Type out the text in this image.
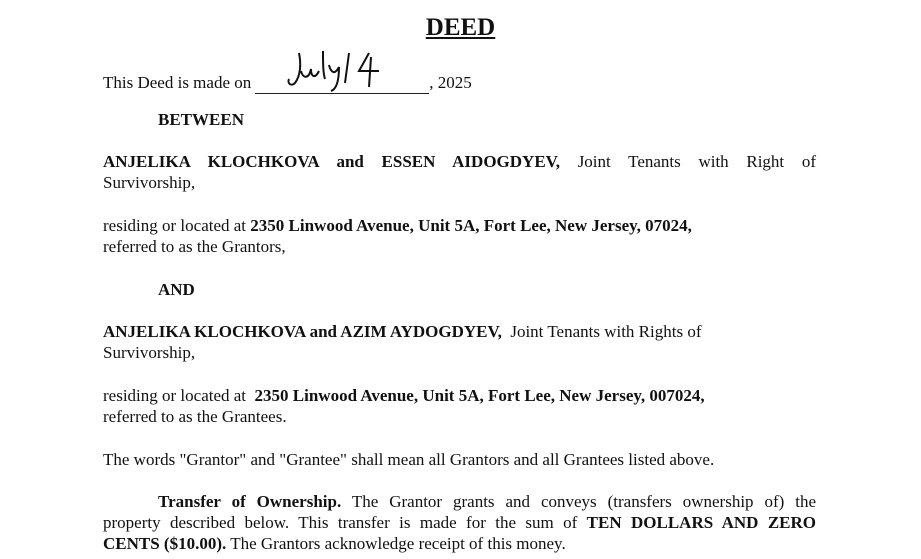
DEED
This Deed is made on	, 2025
BETWEEN
ANJELIKA KLOCHKOVA and ESSEN AIDOGDYEV, Joint Tenants with Right of
Survivorship,
residing or located at 2350 Linwood Avenue, Unit 5A, Fort Lee, New Jersey, 07024,
referred to as the Grantors,
AND
ANJELIKA KLOCHKOVA and AZIM AYDOGDYEV, Joint Tenants with Rights of
Survivorship,
residing or located at 2350 Linwood Avenue, Unit 5A, Fort Lee, New Jersey, 007024,
referred to as the Grantees.
The words "Grantor" and "Grantee" shall mean all Grantors and all Grantees listed above.
Transfer of Ownership. The Grantor grants and conveys (transfers ownership of) the
property described below. This transfer is made for the sum of TEN DOLLARS AND ZERO
CENTS ($10.00). The Grantors acknowledge receipt of this money.
